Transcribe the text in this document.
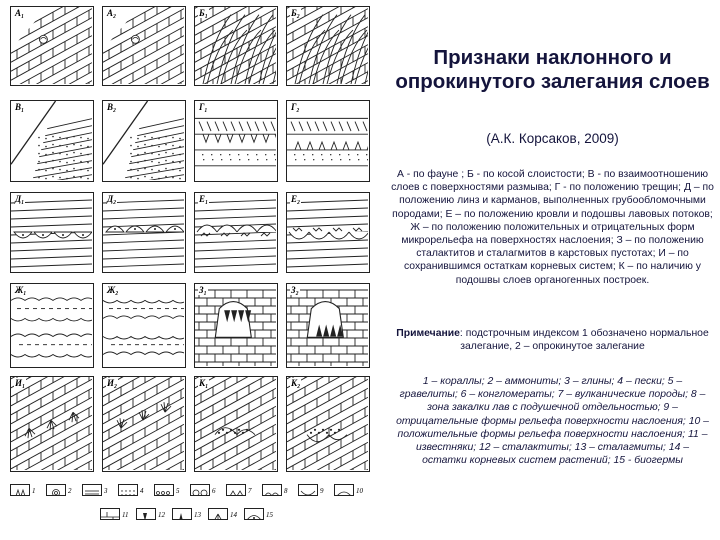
А₁	А₂	Б₁	Б₂
В₁	В₂	Г₁	Г₂
Д₁	Д₂	Е₁	Е₂
Ж₁	Ж₂	З₁	З₂
И₁	И₂	К₁	К₂
1	2	3	4	5	6	7	8	9	10
11	12	13	14	15
Признаки наклонного и опрокинутого залегания слоев
(А.К. Корсаков, 2009)
А - по фауне ; Б - по косой слоистости; В - по взаимоотношению слоев с поверхностями размыва; Г - по положению трещин; Д – по положению линз и карманов, выполненных грубообломочными породами; Е – по положению кровли и подошвы лавовых потоков; Ж – по положению положительных и отрицательных форм микрорельефа на поверхностях наслоения; З – по положению сталактитов и сталагмитов в карстовых пустотах; И – по сохранившимся остаткам корневых систем; К – по наличию у подошвы слоев органогенных построек.
Примечание: подстрочным индексом 1 обозначено нормальное залегание, 2 – опрокинутое залегание
1 – кораллы; 2 – аммониты; 3 – глины; 4 – пески; 5 – гравелиты; 6 – конгломераты; 7 – вулканические породы; 8 – зона закалки лав с подушечной отдельностью; 9 – отрицательные формы рельефа поверхности наслоения; 10 – положительные формы рельефа поверхности наслоения; 11 – известняки; 12 – сталактиты; 13 – сталагмиты; 14 – остатки корневых систем растений; 15 - биогермы
